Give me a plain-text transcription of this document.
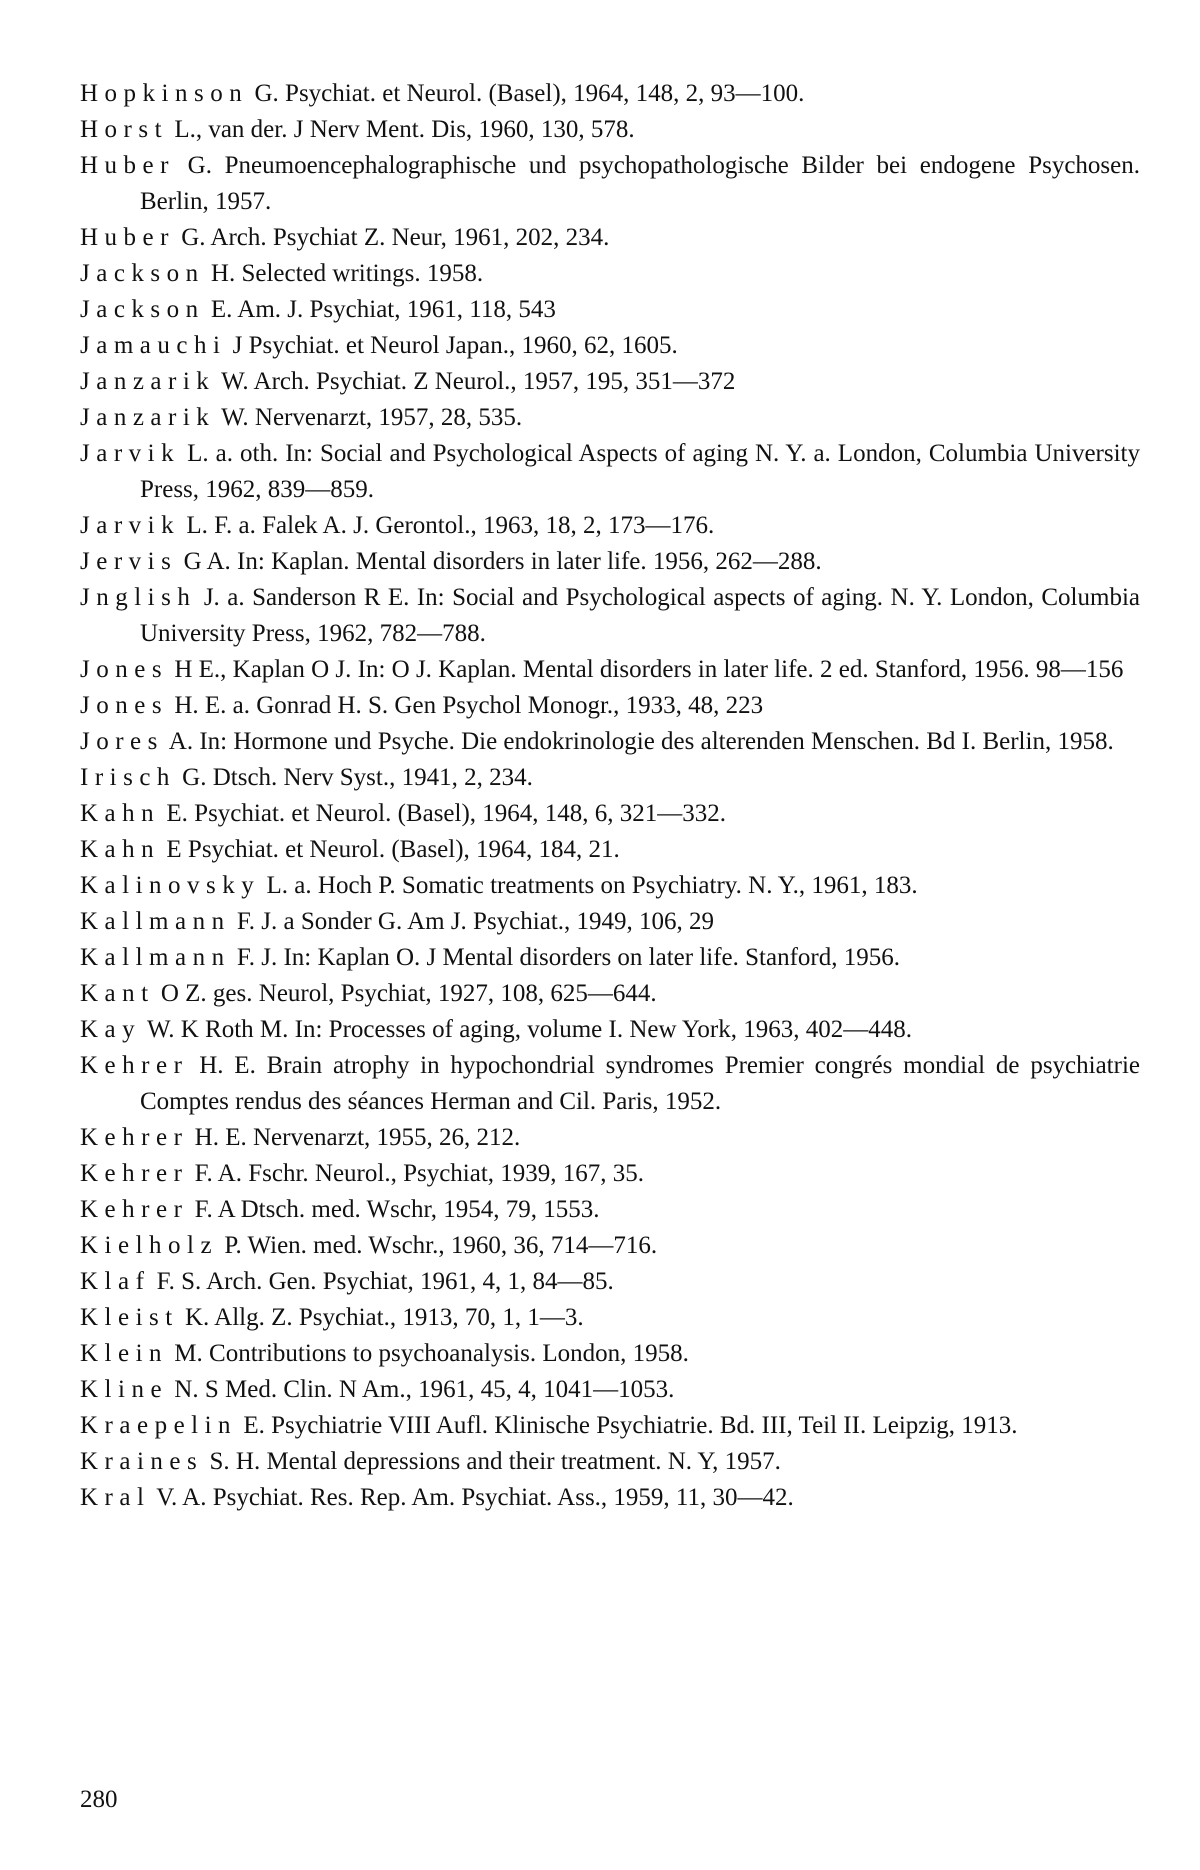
Hopkinson G. Psychiat. et Neurol. (Basel), 1964, 148, 2, 93—100.

Horst L., van der. J Nerv Ment. Dis, 1960, 130, 578.

Huber G. Pneumoencephalographische und psychopathologische Bilder bei endogene Psychosen. Berlin, 1957.

Huber G. Arch. Psychiat Z. Neur, 1961, 202, 234.

Jackson H. Selected writings. 1958.

Jackson E. Am. J. Psychiat, 1961, 118, 543

Jamauchi J Psychiat. et Neurol Japan., 1960, 62, 1605.

Janzarik W. Arch. Psychiat. Z Neurol., 1957, 195, 351—372

Janzarik W. Nervenarzt, 1957, 28, 535.

Jarvik L. a. oth. In: Social and Psychological Aspects of aging N. Y. a. London, Columbia University Press, 1962, 839—859.

Jarvik L. F. a. Falek A. J. Gerontol., 1963, 18, 2, 173—176.

Jervis G A. In: Kaplan. Mental disorders in later life. 1956, 262—288.

Jnglish J. a. Sanderson R E. In: Social and Psychological aspects of aging. N. Y. London, Columbia University Press, 1962, 782—788.

Jones H E., Kaplan O J. In: O J. Kaplan. Mental disorders in later life. 2 ed. Stanford, 1956. 98—156

Jones H. E. a. Gonrad H. S. Gen Psychol Monogr., 1933, 48, 223

Jores A. In: Hormone und Psyche. Die endokrinologie des alterenden Menschen. Bd I. Berlin, 1958.

Irisch G. Dtsch. Nerv Syst., 1941, 2, 234.

Kahn E. Psychiat. et Neurol. (Basel), 1964, 148, 6, 321—332.

Kahn E Psychiat. et Neurol. (Basel), 1964, 184, 21.

Kalinovsky L. a. Hoch P. Somatic treatments on Psychiatry. N. Y., 1961, 183.

Kallmann F. J. a Sonder G. Am J. Psychiat., 1949, 106, 29

Kallmann F. J. In: Kaplan O. J Mental disorders on later life. Stanford, 1956.

Kant O Z. ges. Neurol, Psychiat, 1927, 108, 625—644.

Kay W. K Roth M. In: Processes of aging, volume I. New York, 1963, 402—448.

Kehrer H. E. Brain atrophy in hypochondrial syndromes Premier congrés mondial de psychiatrie Comptes rendus des séances Herman and Cil. Paris, 1952.

Kehrer H. E. Nervenarzt, 1955, 26, 212.

Kehrer F. A. Fschr. Neurol., Psychiat, 1939, 167, 35.

Kehrer F. A Dtsch. med. Wschr, 1954, 79, 1553.

Kielholz P. Wien. med. Wschr., 1960, 36, 714—716.

Klaf F. S. Arch. Gen. Psychiat, 1961, 4, 1, 84—85.

Kleist K. Allg. Z. Psychiat., 1913, 70, 1, 1—3.

Klein M. Contributions to psychoanalysis. London, 1958.

Kline N. S Med. Clin. N Am., 1961, 45, 4, 1041—1053.

Kraepelin E. Psychiatrie VIII Aufl. Klinische Psychiatrie. Bd. III, Teil II. Leipzig, 1913.

Kraines S. H. Mental depressions and their treatment. N. Y, 1957.

Kral V. A. Psychiat. Res. Rep. Am. Psychiat. Ass., 1959, 11, 30—42.

280
